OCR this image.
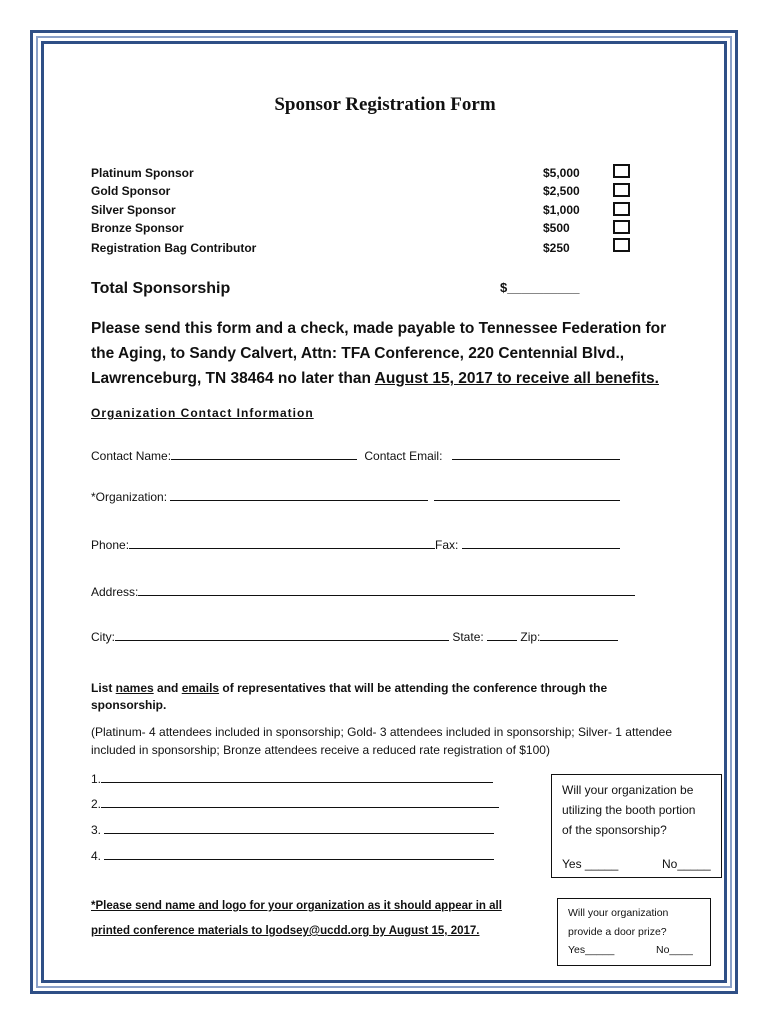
Sponsor Registration Form
Platinum Sponsor	$5,000
Gold Sponsor	$2,500
Silver Sponsor	$1,000
Bronze Sponsor	$500
Registration Bag Contributor	$250
Total Sponsorship	$__________
Please send this form and a check, made payable to Tennessee Federation for
the Aging, to Sandy Calvert, Attn: TFA Conference, 220 Centennial Blvd.,
Lawrenceburg, TN 38464 no later than August 15, 2017 to receive all benefits.
Organization Contact Information
Contact Name:	Contact Email:
*Organization:
Phone:	Fax:
Address:
City:	State:	Zip:
List names and emails of representatives that will be attending the conference through the sponsorship.
(Platinum- 4 attendees included in sponsorship; Gold- 3 attendees included in sponsorship; Silver- 1 attendee included in sponsorship; Bronze attendees receive a reduced rate registration of $100)
1.
2.
3.
4.
Will your organization be
utilizing the booth portion
of the sponsorship?
Yes _____	No_____
*Please send name and logo for your organization as it should appear in all
printed conference materials to lgodsey@ucdd.org by August 15, 2017.
Will your organization
provide a door prize?
Yes_____	No____
